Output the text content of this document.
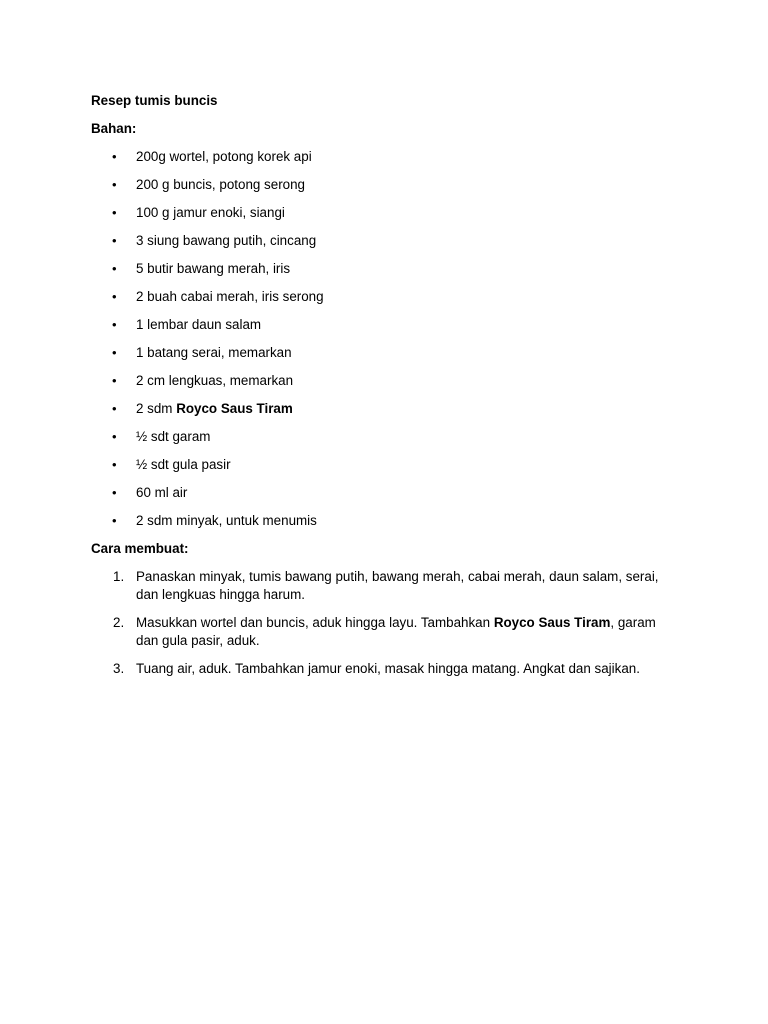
Resep tumis buncis

Bahan:

• 200g wortel, potong korek api
• 200 g buncis, potong serong
• 100 g jamur enoki, siangi
• 3 siung bawang putih, cincang
• 5 butir bawang merah, iris
• 2 buah cabai merah, iris serong
• 1 lembar daun salam
• 1 batang serai, memarkan
• 2 cm lengkuas, memarkan
• 2 sdm Royco Saus Tiram
• ½ sdt garam
• ½ sdt gula pasir
• 60 ml air
• 2 sdm minyak, untuk menumis

Cara membuat:

1. Panaskan minyak, tumis bawang putih, bawang merah, cabai merah, daun salam, serai, dan lengkuas hingga harum.
2. Masukkan wortel dan buncis, aduk hingga layu. Tambahkan Royco Saus Tiram, garam dan gula pasir, aduk.
3. Tuang air, aduk. Tambahkan jamur enoki, masak hingga matang. Angkat dan sajikan.
